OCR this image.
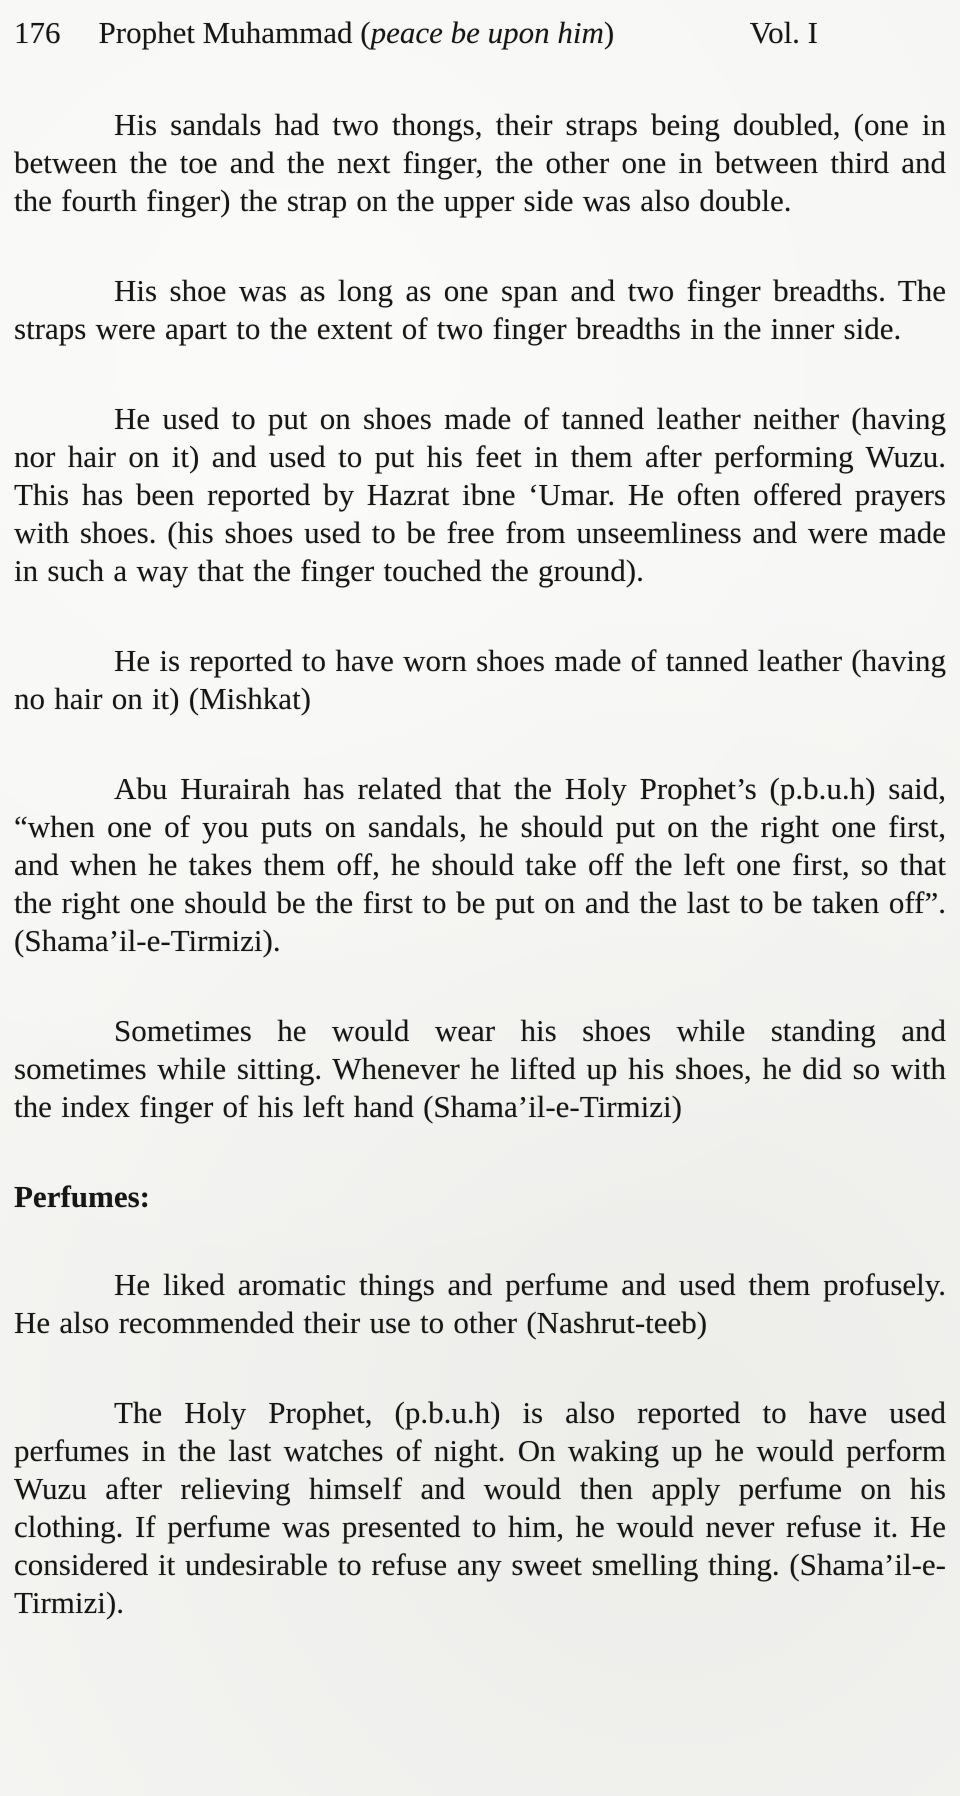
176 Prophet Muhammad (peace be upon him)	Vol. I

His sandals had two thongs, their straps being doubled, (one in between the toe and the next finger, the other one in between third and the fourth finger) the strap on the upper side was also double.

His shoe was as long as one span and two finger breadths. The straps were apart to the extent of two finger breadths in the inner side.

He used to put on shoes made of tanned leather neither (having nor hair on it) and used to put his feet in them after performing Wuzu. This has been reported by Hazrat ibne ‘Umar. He often offered prayers with shoes. (his shoes used to be free from unseemliness and were made in such a way that the finger touched the ground).

He is reported to have worn shoes made of tanned leather (having no hair on it) (Mishkat)

Abu Hurairah has related that the Holy Prophet’s (p.b.u.h) said, “when one of you puts on sandals, he should put on the right one first, and when he takes them off, he should take off the left one first, so that the right one should be the first to be put on and the last to be taken off”. (Shama’il-e-Tirmizi).

Sometimes he would wear his shoes while standing and sometimes while sitting. Whenever he lifted up his shoes, he did so with the index finger of his left hand (Shama’il-e-Tirmizi)

Perfumes:

He liked aromatic things and perfume and used them profusely. He also recommended their use to other (Nashrut-teeb)

The Holy Prophet, (p.b.u.h) is also reported to have used perfumes in the last watches of night. On waking up he would perform Wuzu after relieving himself and would then apply perfume on his clothing. If perfume was presented to him, he would never refuse it. He considered it undesirable to refuse any sweet smelling thing. (Shama’il-e-Tirmizi).
